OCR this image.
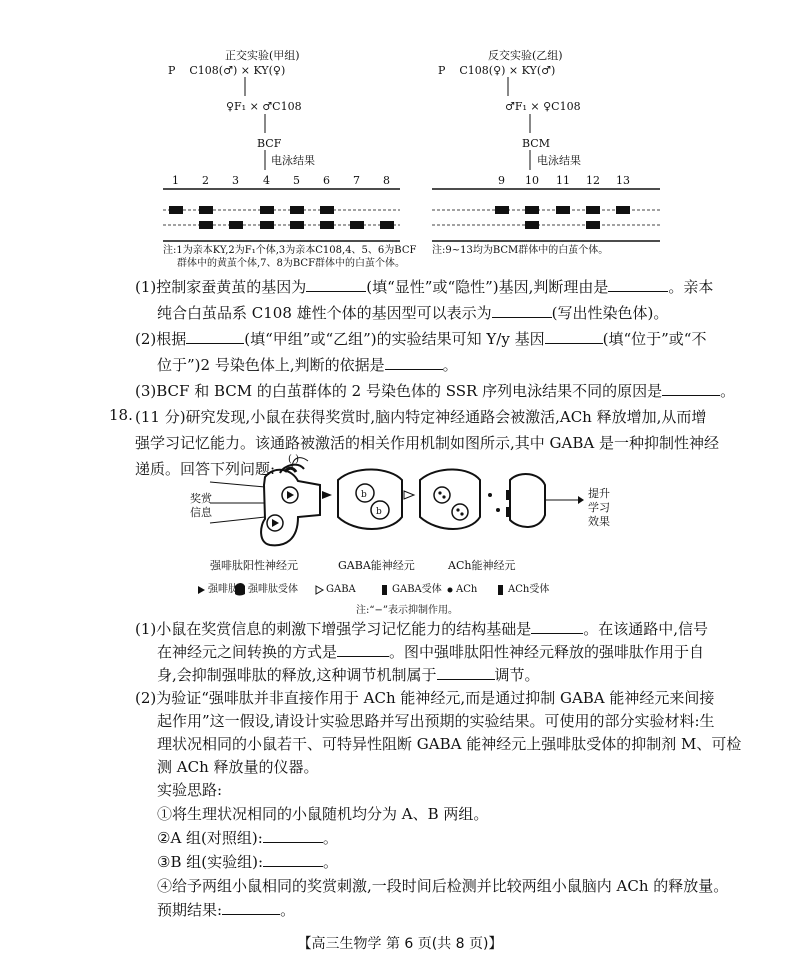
正交实验(甲组)
P    C108(♂) × KY(♀)
♀F₁ × ♂C108
BCF
电泳结果
反交实验(乙组)
P    C108(♀) × KY(♂)
♂F₁ × ♀C108
BCM
电泳结果
1 2 3 4 5 6 7 8	9 10 11 12 13
注:1为亲本KY,2为F₁个体,3为亲本C108,4、5、6为BCF
群体中的黄茧个体,7、8为BCF群体中的白茧个体。
注:9~13均为BCM群体中的白茧个体。
(1)控制家蚕黄茧的基因为	(填“显性”或“隐性”)基因,判断理由是	。亲本
纯合白茧品系 C108 雄性个体的基因型可以表示为	(写出性染色体)。
(2)根据	(填“甲组”或“乙组”)的实验结果可知 Y/y 基因	(填“位于”或“不
位于”)2 号染色体上,判断的依据是	。
(3)BCF 和 BCM 的白茧群体的 2 号染色体的 SSR 序列电泳结果不同的原因是	。
18. (11 分)研究发现,小鼠在获得奖赏时,脑内特定神经通路会被激活,ACh 释放增加,从而增
强学习记忆能力。该通路被激活的相关作用机制如图所示,其中 GABA 是一种抑制性神经
递质。回答下列问题:
b
b
奖赏
信息
提升
学习
效果
( )
强啡肽阳性神经元	GABA能神经元	ACh能神经元
强啡肽 强啡肽受体	GABA	GABA受体 ACh	ACh受体
注:“−”表示抑制作用。
(1)小鼠在奖赏信息的刺激下增强学习记忆能力的结构基础是	。在该通路中,信号
在神经元之间转换的方式是	。图中强啡肽阳性神经元释放的强啡肽作用于自
身,会抑制强啡肽的释放,这种调节机制属于	调节。
(2)为验证“强啡肽并非直接作用于 ACh 能神经元,而是通过抑制 GABA 能神经元来间接
起作用”这一假设,请设计实验思路并写出预期的实验结果。可使用的部分实验材料:生
理状况相同的小鼠若干、可特异性阻断 GABA 能神经元上强啡肽受体的抑制剂 M、可检
测 ACh 释放量的仪器。
实验思路:
①将生理状况相同的小鼠随机均分为 A、B 两组。
②A 组(对照组):	。
③B 组(实验组):	。
【高三生物学 第 6 页(共 8 页)】
④给予两组小鼠相同的奖赏刺激,一段时间后检测并比较两组小鼠脑内 ACh 的释放量。
预期结果:	。
